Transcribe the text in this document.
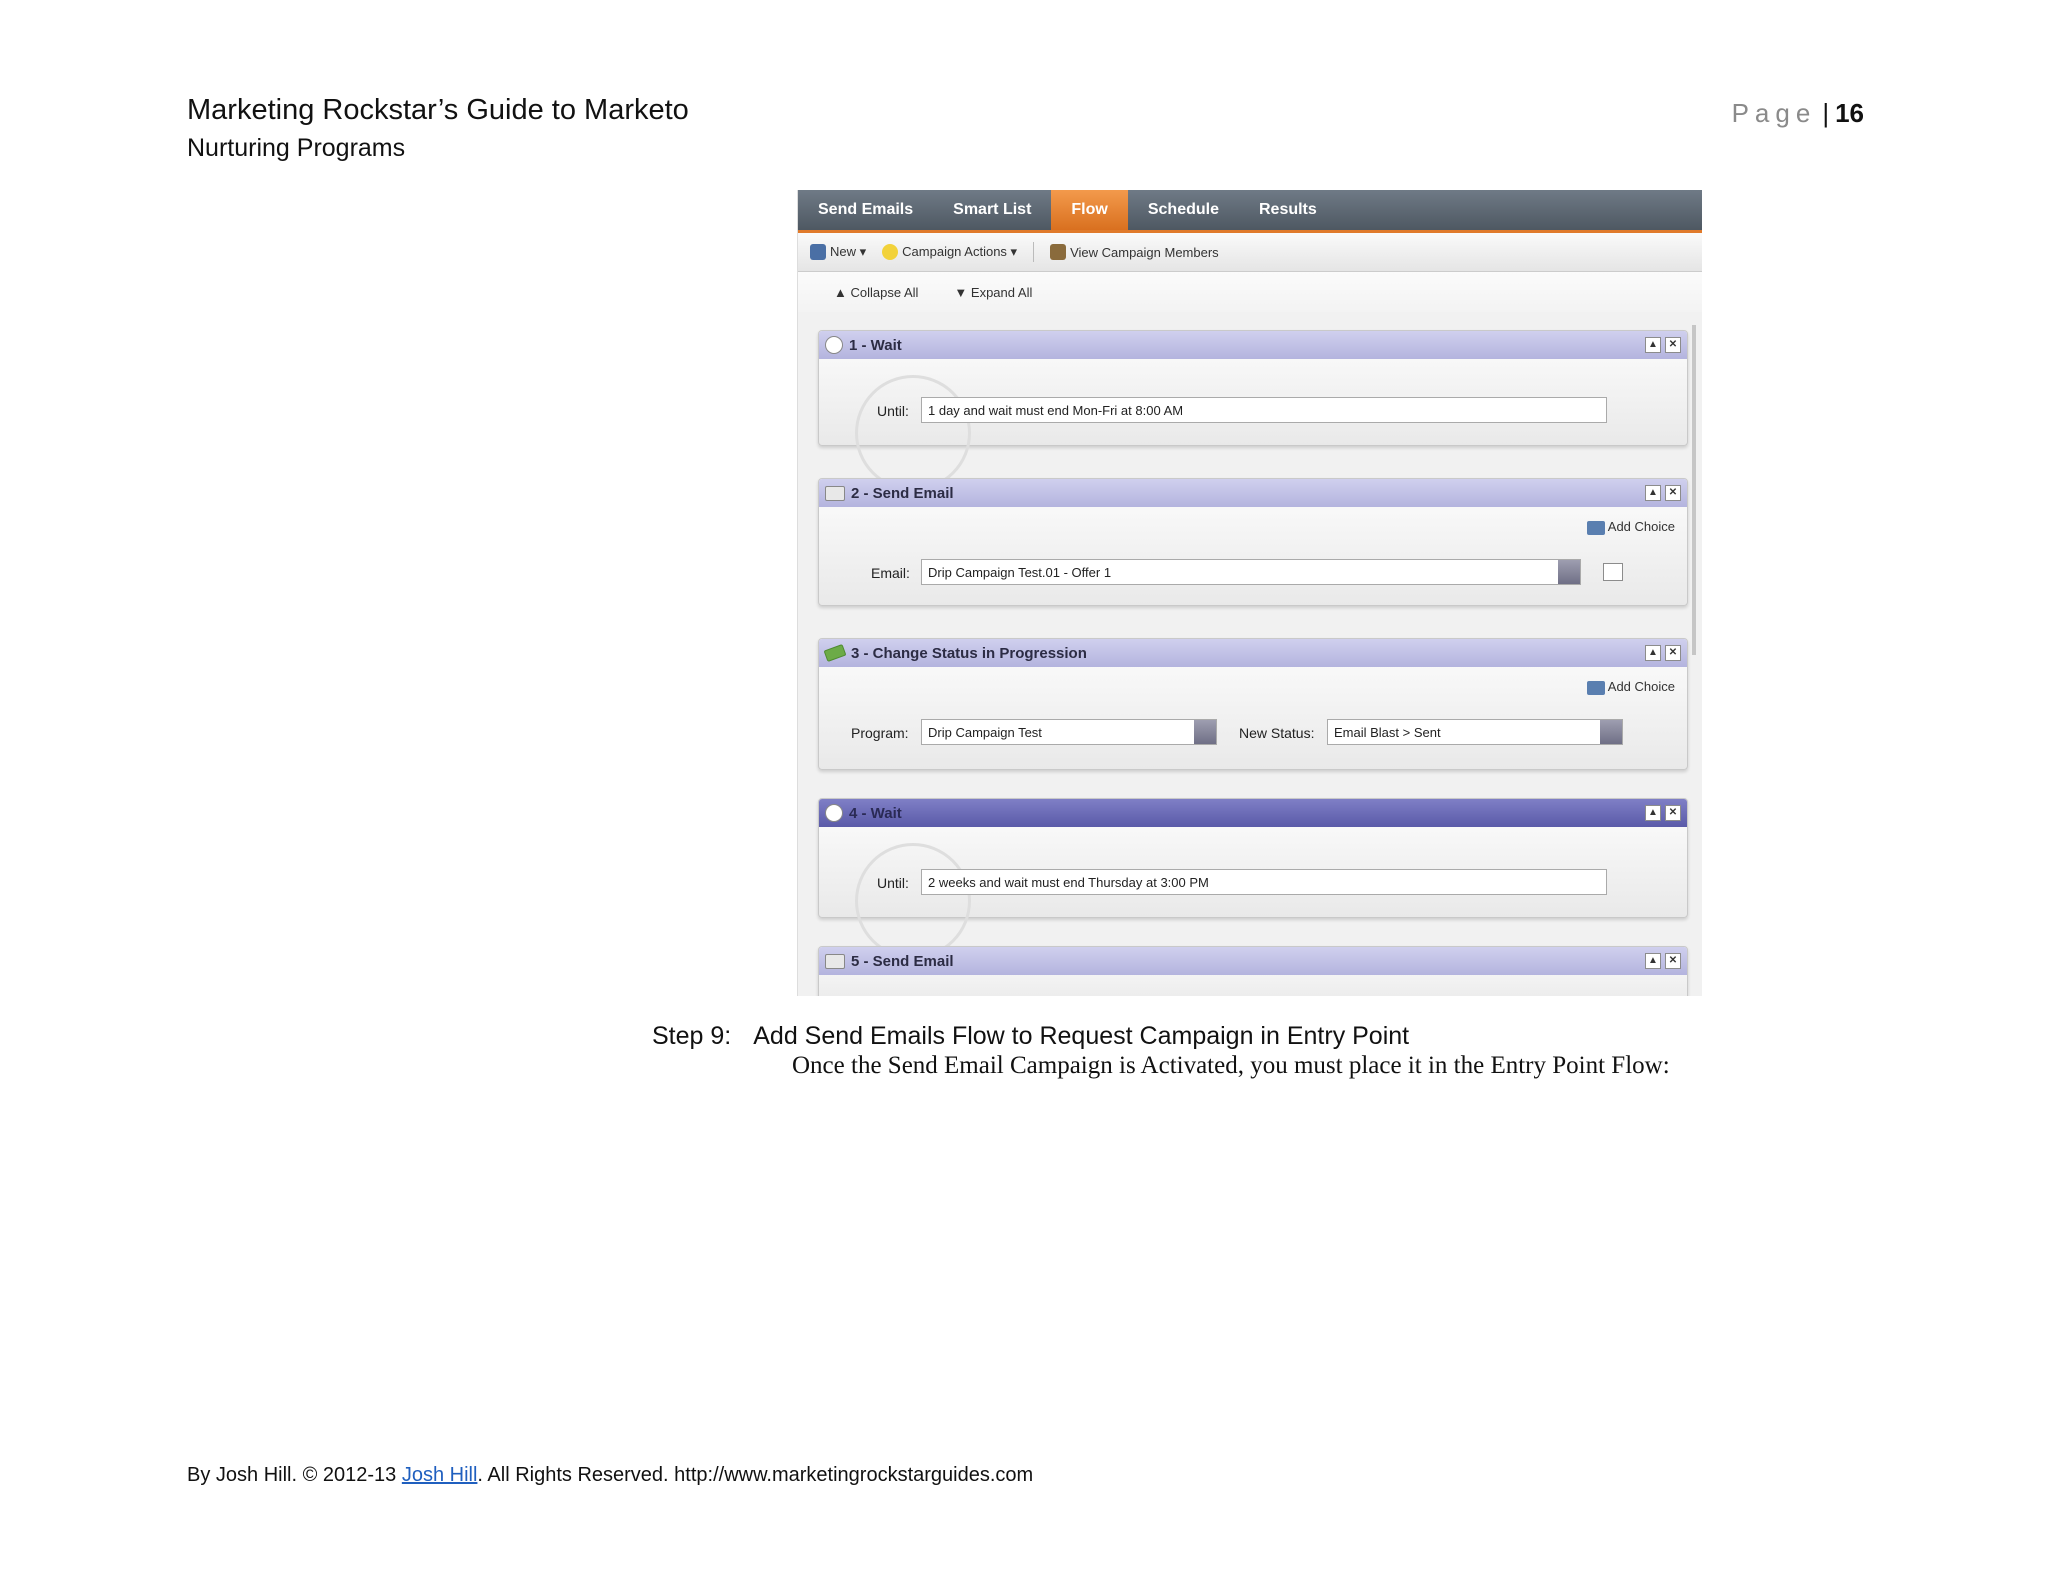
Marketing Rockstar’s Guide to Marketo
Nurturing Programs
Page | 16
Send Emails	Smart List	Flow	Schedule	Results
New ▾	Campaign Actions ▾	View Campaign Members
▲ Collapse All	▼ Expand All
1 - Wait	▲	✕
Until:	1 day and wait must end Mon-Fri at 8:00 AM
2 - Send Email	▲	✕
Add Choice
Email:	Drip Campaign Test.01 - Offer 1
3 - Change Status in Progression	▲	✕
Add Choice
Program:	Drip Campaign Test	New Status:	Email Blast > Sent
4 - Wait	▲	✕
Until:	2 weeks and wait must end Thursday at 3:00 PM
5 - Send Email	▲	✕
Step 9: Add Send Emails Flow to Request Campaign in Entry Point
Once the Send Email Campaign is Activated, you must place it in the Entry Point Flow:
By Josh Hill. © 2012-13 Josh Hill. All Rights Reserved. http://www.marketingrockstarguides.com
